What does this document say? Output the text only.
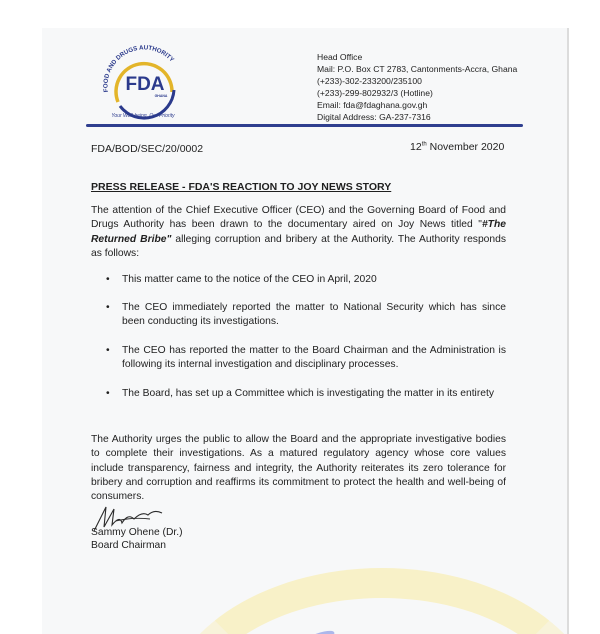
FOOD AND DRUGS AUTHORITY
FDA
GHANA
Your Well-being, Our Priority
Head Office
Mail: P.O. Box CT 2783, Cantonments-Accra, Ghana
(+233)-302-233200/235100
(+233)-299-802932/3 (Hotline)
Email: fda@fdaghana.gov.gh
Digital Address: GA-237-7316
FDA/BOD/SEC/20/0002	12th November 2020
PRESS RELEASE - FDA'S REACTION TO JOY NEWS STORY
The attention of the Chief Executive Officer (CEO) and the Governing Board of Food and Drugs Authority has been drawn to the documentary aired on Joy News titled "#The Returned Bribe" alleging corruption and bribery at the Authority. The Authority responds as follows:
• This matter came to the notice of the CEO in April, 2020
• The CEO immediately reported the matter to National Security which has since been conducting its investigations.
• The CEO has reported the matter to the Board Chairman and the Administration is following its internal investigation and disciplinary processes.
• The Board, has set up a Committee which is investigating the matter in its entirety
The Authority urges the public to allow the Board and the appropriate investigative bodies to complete their investigations. As a matured regulatory agency whose core values include transparency, fairness and integrity, the Authority reiterates its zero tolerance for bribery and corruption and reaffirms its commitment to protect the health and well-being of consumers.
Sammy Ohene (Dr.)
Board Chairman
